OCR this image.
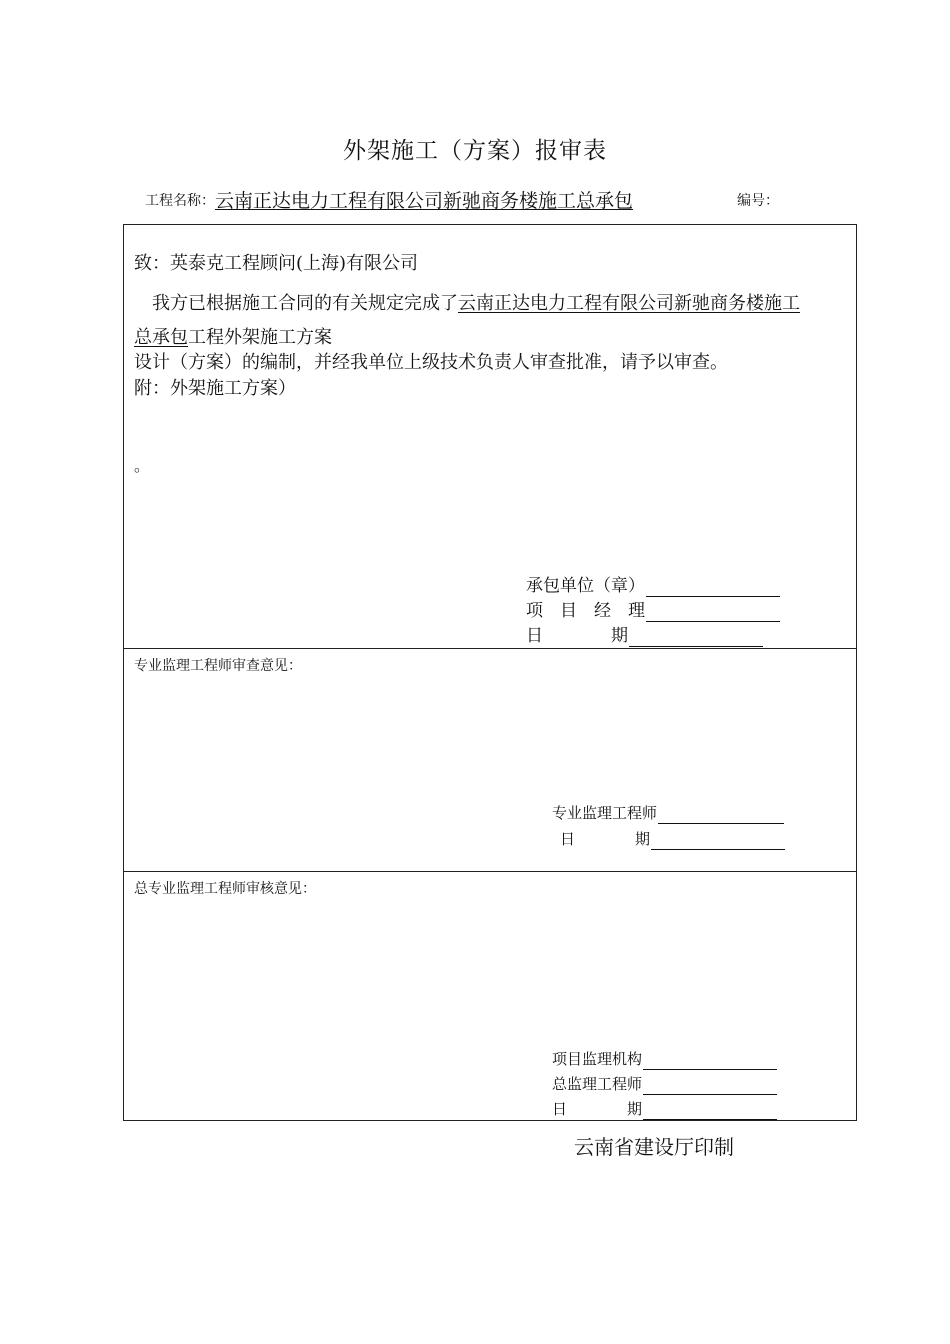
外架施工（方案）报审表
工程名称：云南正达电力工程有限公司新驰商务楼施工总承包	编号：
致：英泰克工程顾问(上海)有限公司
我方已根据施工合同的有关规定完成了云南正达电力工程有限公司新驰商务楼施工
总承包工程外架施工方案
设计（方案）的编制，并经我单位上级技术负责人审查批准，请予以审查。
附：外架施工方案）
。
承包单位（章）
项　目　经　理
日　　　　期
专业监理工程师审查意见：
专业监理工程师
日　　　　期
总专业监理工程师审核意见：
项目监理机构
总监理工程师
日　　　　期
云南省建设厅印制
